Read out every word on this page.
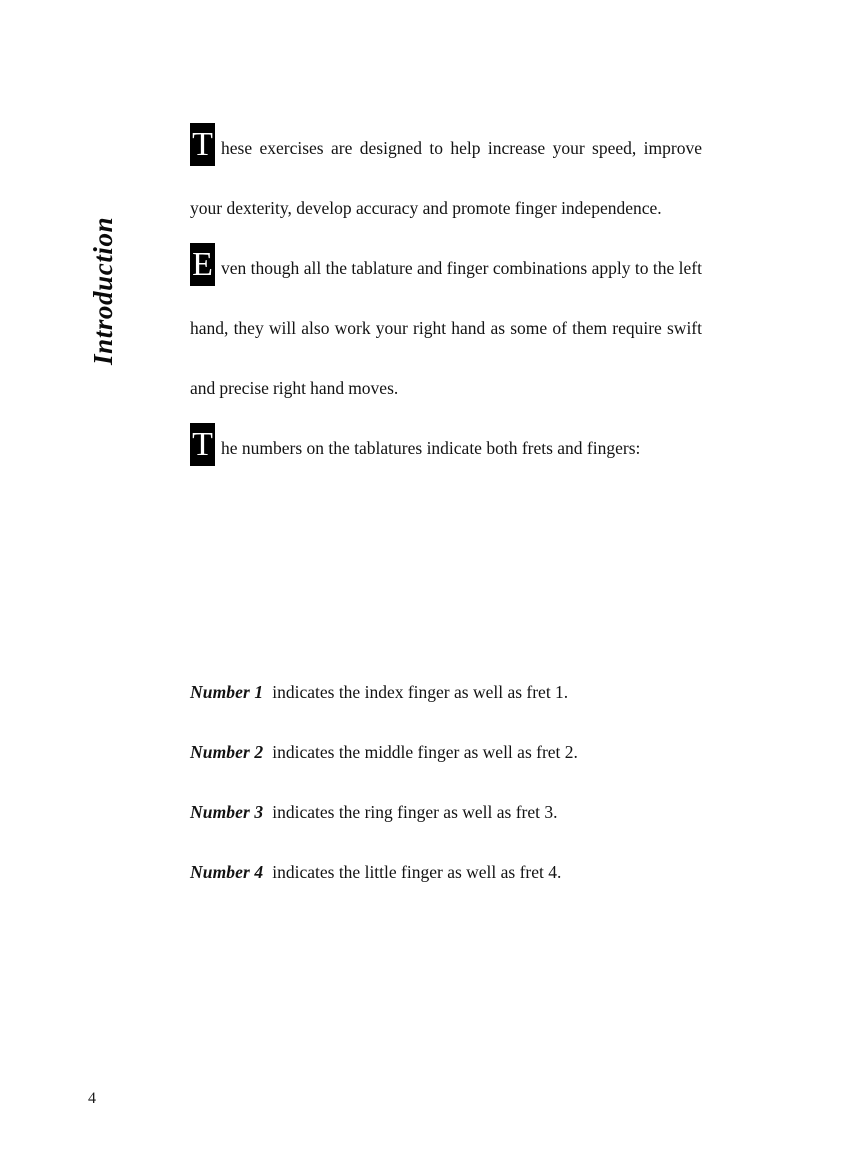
Introduction

T hese exercises are designed to help increase your speed, improve your dexterity, develop accuracy and promote finger independence.

E ven though all the tablature and finger combinations apply to the left hand, they will also work your right hand as some of them require swift and precise right hand moves.

T he numbers on the tablatures indicate both frets and fingers:

Number 1 indicates the index finger as well as fret 1.
Number 2 indicates the middle finger as well as fret 2.
Number 3 indicates the ring finger as well as fret 3.
Number 4 indicates the little finger as well as fret 4.
4
